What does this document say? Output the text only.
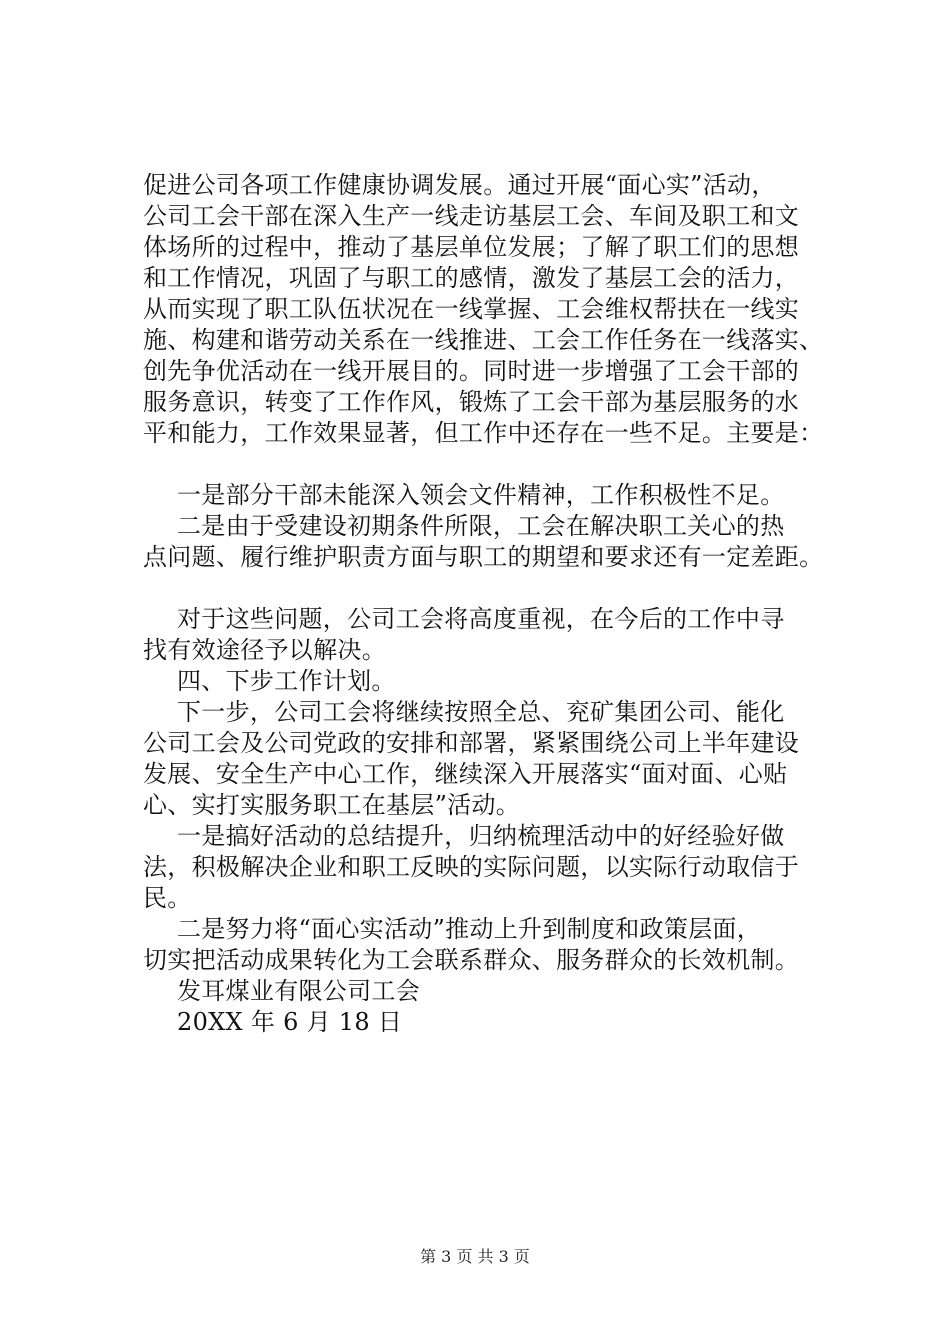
促进公司各项工作健康协调发展。通过开展“面心实”活动，
公司工会干部在深入生产一线走访基层工会、车间及职工和文
体场所的过程中，推动了基层单位发展；了解了职工们的思想
和工作情况，巩固了与职工的感情，激发了基层工会的活力，
从而实现了职工队伍状况在一线掌握、工会维权帮扶在一线实
施、构建和谐劳动关系在一线推进、工会工作任务在一线落实、
创先争优活动在一线开展目的。同时进一步增强了工会干部的
服务意识，转变了工作作风，锻炼了工会干部为基层服务的水
平和能力，工作效果显著，但工作中还存在一些不足。主要是：
一是部分干部未能深入领会文件精神，工作积极性不足。
二是由于受建设初期条件所限，工会在解决职工关心的热
点问题、履行维护职责方面与职工的期望和要求还有一定差距。
对于这些问题，公司工会将高度重视，在今后的工作中寻
找有效途径予以解决。
四、下步工作计划。
下一步，公司工会将继续按照全总、兖矿集团公司、能化
公司工会及公司党政的安排和部署，紧紧围绕公司上半年建设
发展、安全生产中心工作，继续深入开展落实“面对面、心贴
心、实打实服务职工在基层”活动。
一是搞好活动的总结提升，归纳梳理活动中的好经验好做
法，积极解决企业和职工反映的实际问题，以实际行动取信于
民。
二是努力将“面心实活动”推动上升到制度和政策层面，
切实把活动成果转化为工会联系群众、服务群众的长效机制。
发耳煤业有限公司工会
20XX 年 6 月 18 日
第 3 页 共 3 页
